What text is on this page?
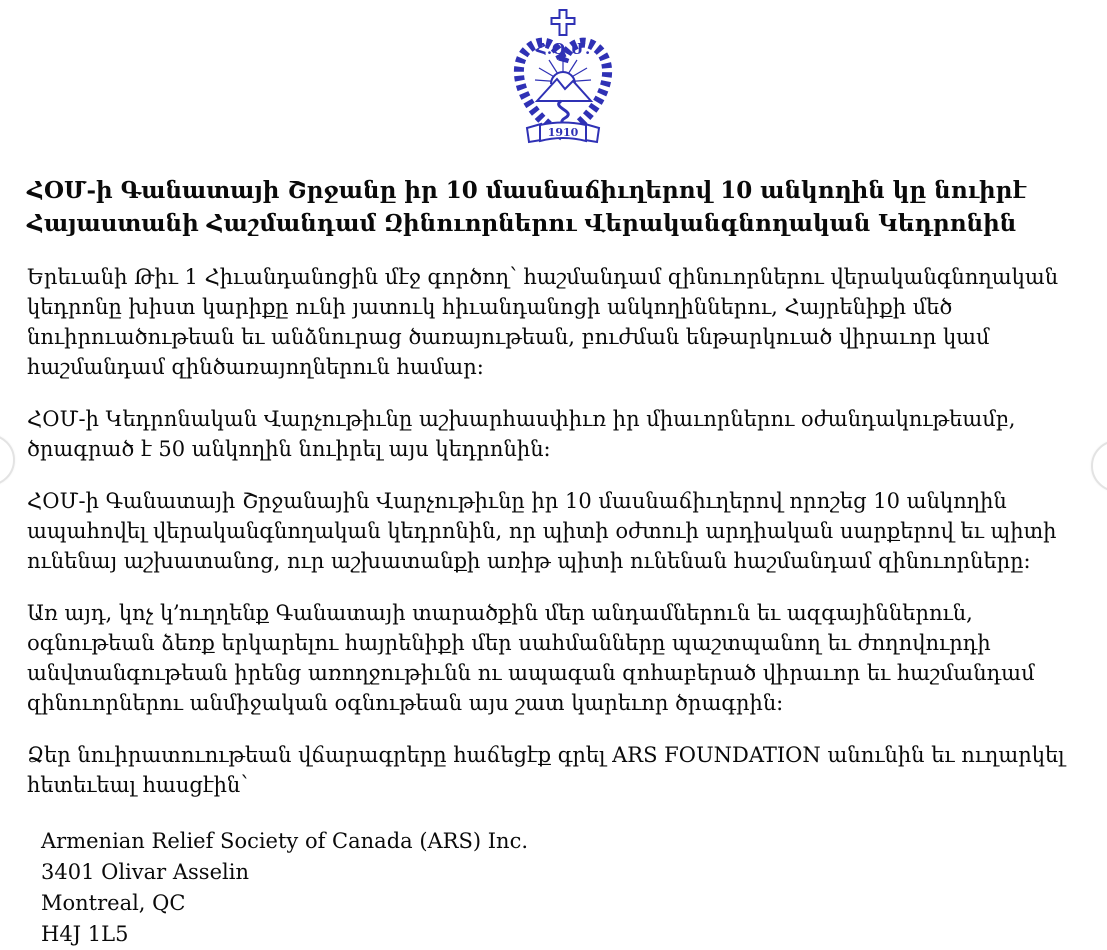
Հ.Օ.Մ.
1910
ՀՕՄ-ի Գանատայի Շրջանը իր 10 մասնաճիւղերով 10 անկողին կը նուիրէ Հայաստանի Հաշմանդամ Զինուորներու Վերականգնողական Կեդրոնին

Երեւանի Թիւ 1 Հիւանդանոցին մէջ գործող՝ հաշմանդամ զինուորներու վերականգնողական կեդրոնը խիստ կարիքը ունի յատուկ հիւանդանոցի անկողիններու, Հայրենիքի մեծ նուիրուածութեան եւ անձնուրաց ծառայութեան, բուժման ենթարկուած վիրաւոր կամ հաշմանդամ զինծառայողներուն համար։

ՀՕՄ-ի Կեդրոնական Վարչութիւնը աշխարհասփիւռ իր միաւորներու օժանդակութեամբ, ծրագրած է 50 անկողին նուիրել այս կեդրոնին։

ՀՕՄ-ի Գանատայի Շրջանային Վարչութիւնը իր 10 մասնաճիւղերով որոշեց 10 անկողին ապահովել վերականգնողական կեդրոնին, որ պիտի օժտուի արդիական սարքերով եւ պիտի ունենայ աշխատանոց, ուր աշխատանքի առիթ պիտի ունենան հաշմանդամ զինուորները։

Առ այդ, կոչ կ՚ուղղենք Գանատայի տարածքին մեր անդամներուն եւ ազգայիններուն, օգնութեան ձեռք երկարելու հայրենիքի մեր սահմանները պաշտպանող եւ ժողովուրդի անվտանգութեան իրենց առողջութիւնն ու ապագան զոհաբերած վիրաւոր եւ հաշմանդամ զինուորներու անմիջական օգնութեան այս շատ կարեւոր ծրագրին։

Ձեր նուիրատուութեան վճարագրերը հաճեցէք գրել ARS FOUNDATION անունին եւ ուղարկել հետեւեալ հասցէին՝

Armenian Relief Society of Canada (ARS) Inc.
3401 Olivar Asselin
Montreal, QC
H4J 1L5
